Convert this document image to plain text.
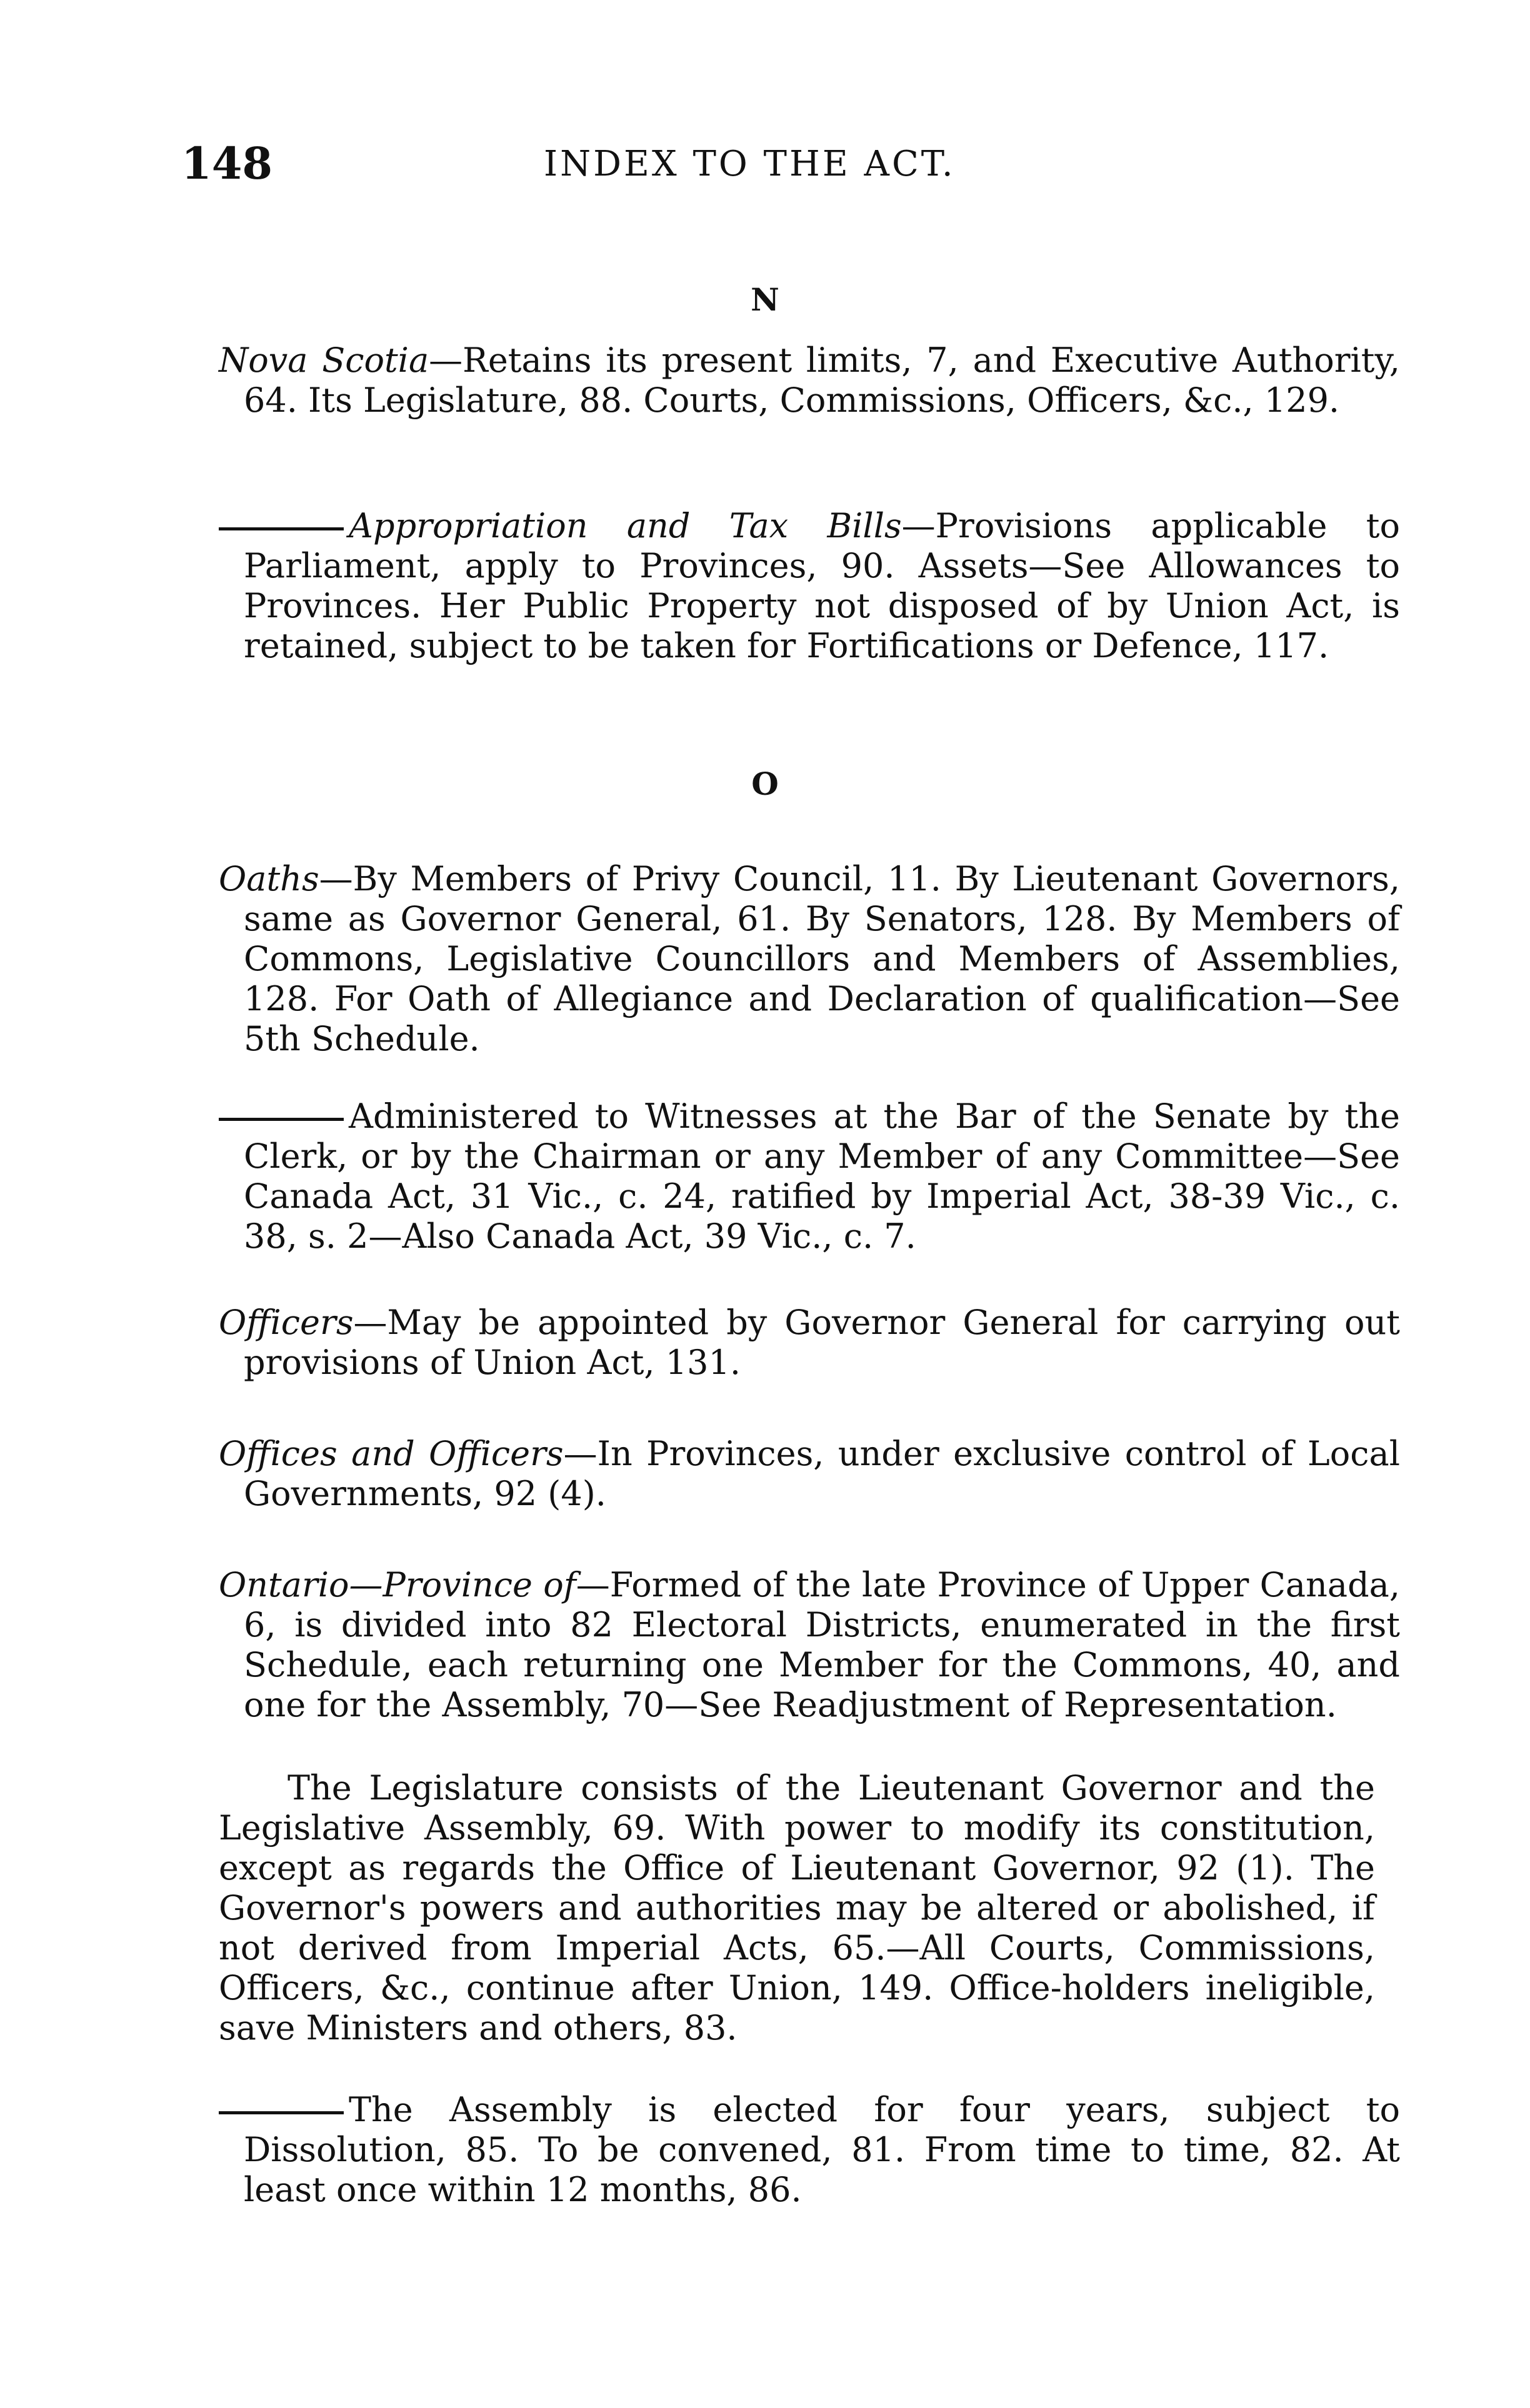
148	INDEX TO THE ACT.
N
Nova Scotia—Retains its present limits, 7, and Executive Authority, 64. Its Legislature, 88. Courts, Commissions, Officers, &c., 129.
Appropriation and Tax Bills—Provisions applicable to Parliament, apply to Provinces, 90. Assets—See Allowances to Provinces. Her Public Property not disposed of by Union Act, is retained, subject to be taken for Fortifications or Defence, 117.
O
Oaths—By Members of Privy Council, 11. By Lieutenant Governors, same as Governor General, 61. By Senators, 128. By Members of Commons, Legislative Councillors and Members of Assemblies, 128. For Oath of Allegiance and Declaration of qualification—See 5th Schedule.
Administered to Witnesses at the Bar of the Senate by the Clerk, or by the Chairman or any Member of any Committee—See Canada Act, 31 Vic., c. 24, ratified by Imperial Act, 38-39 Vic., c. 38, s. 2—Also Canada Act, 39 Vic., c. 7.
Officers—May be appointed by Governor General for carrying out provisions of Union Act, 131.
Offices and Officers—In Provinces, under exclusive control of Local Governments, 92 (4).
Ontario—Province of—Formed of the late Province of Upper Canada, 6, is divided into 82 Electoral Districts, enumerated in the first Schedule, each returning one Member for the Commons, 40, and one for the Assembly, 70—See Readjustment of Representation.
The Legislature consists of the Lieutenant Governor and the Legislative Assembly, 69. With power to modify its constitution, except as regards the Office of Lieutenant Governor, 92 (1). The Governor's powers and authorities may be altered or abolished, if not derived from Imperial Acts, 65.—All Courts, Commissions, Officers, &c., continue after Union, 149. Office-holders ineligible, save Ministers and others, 83.
The Assembly is elected for four years, subject to Dissolution, 85. To be convened, 81. From time to time, 82. At least once within 12 months, 86.
